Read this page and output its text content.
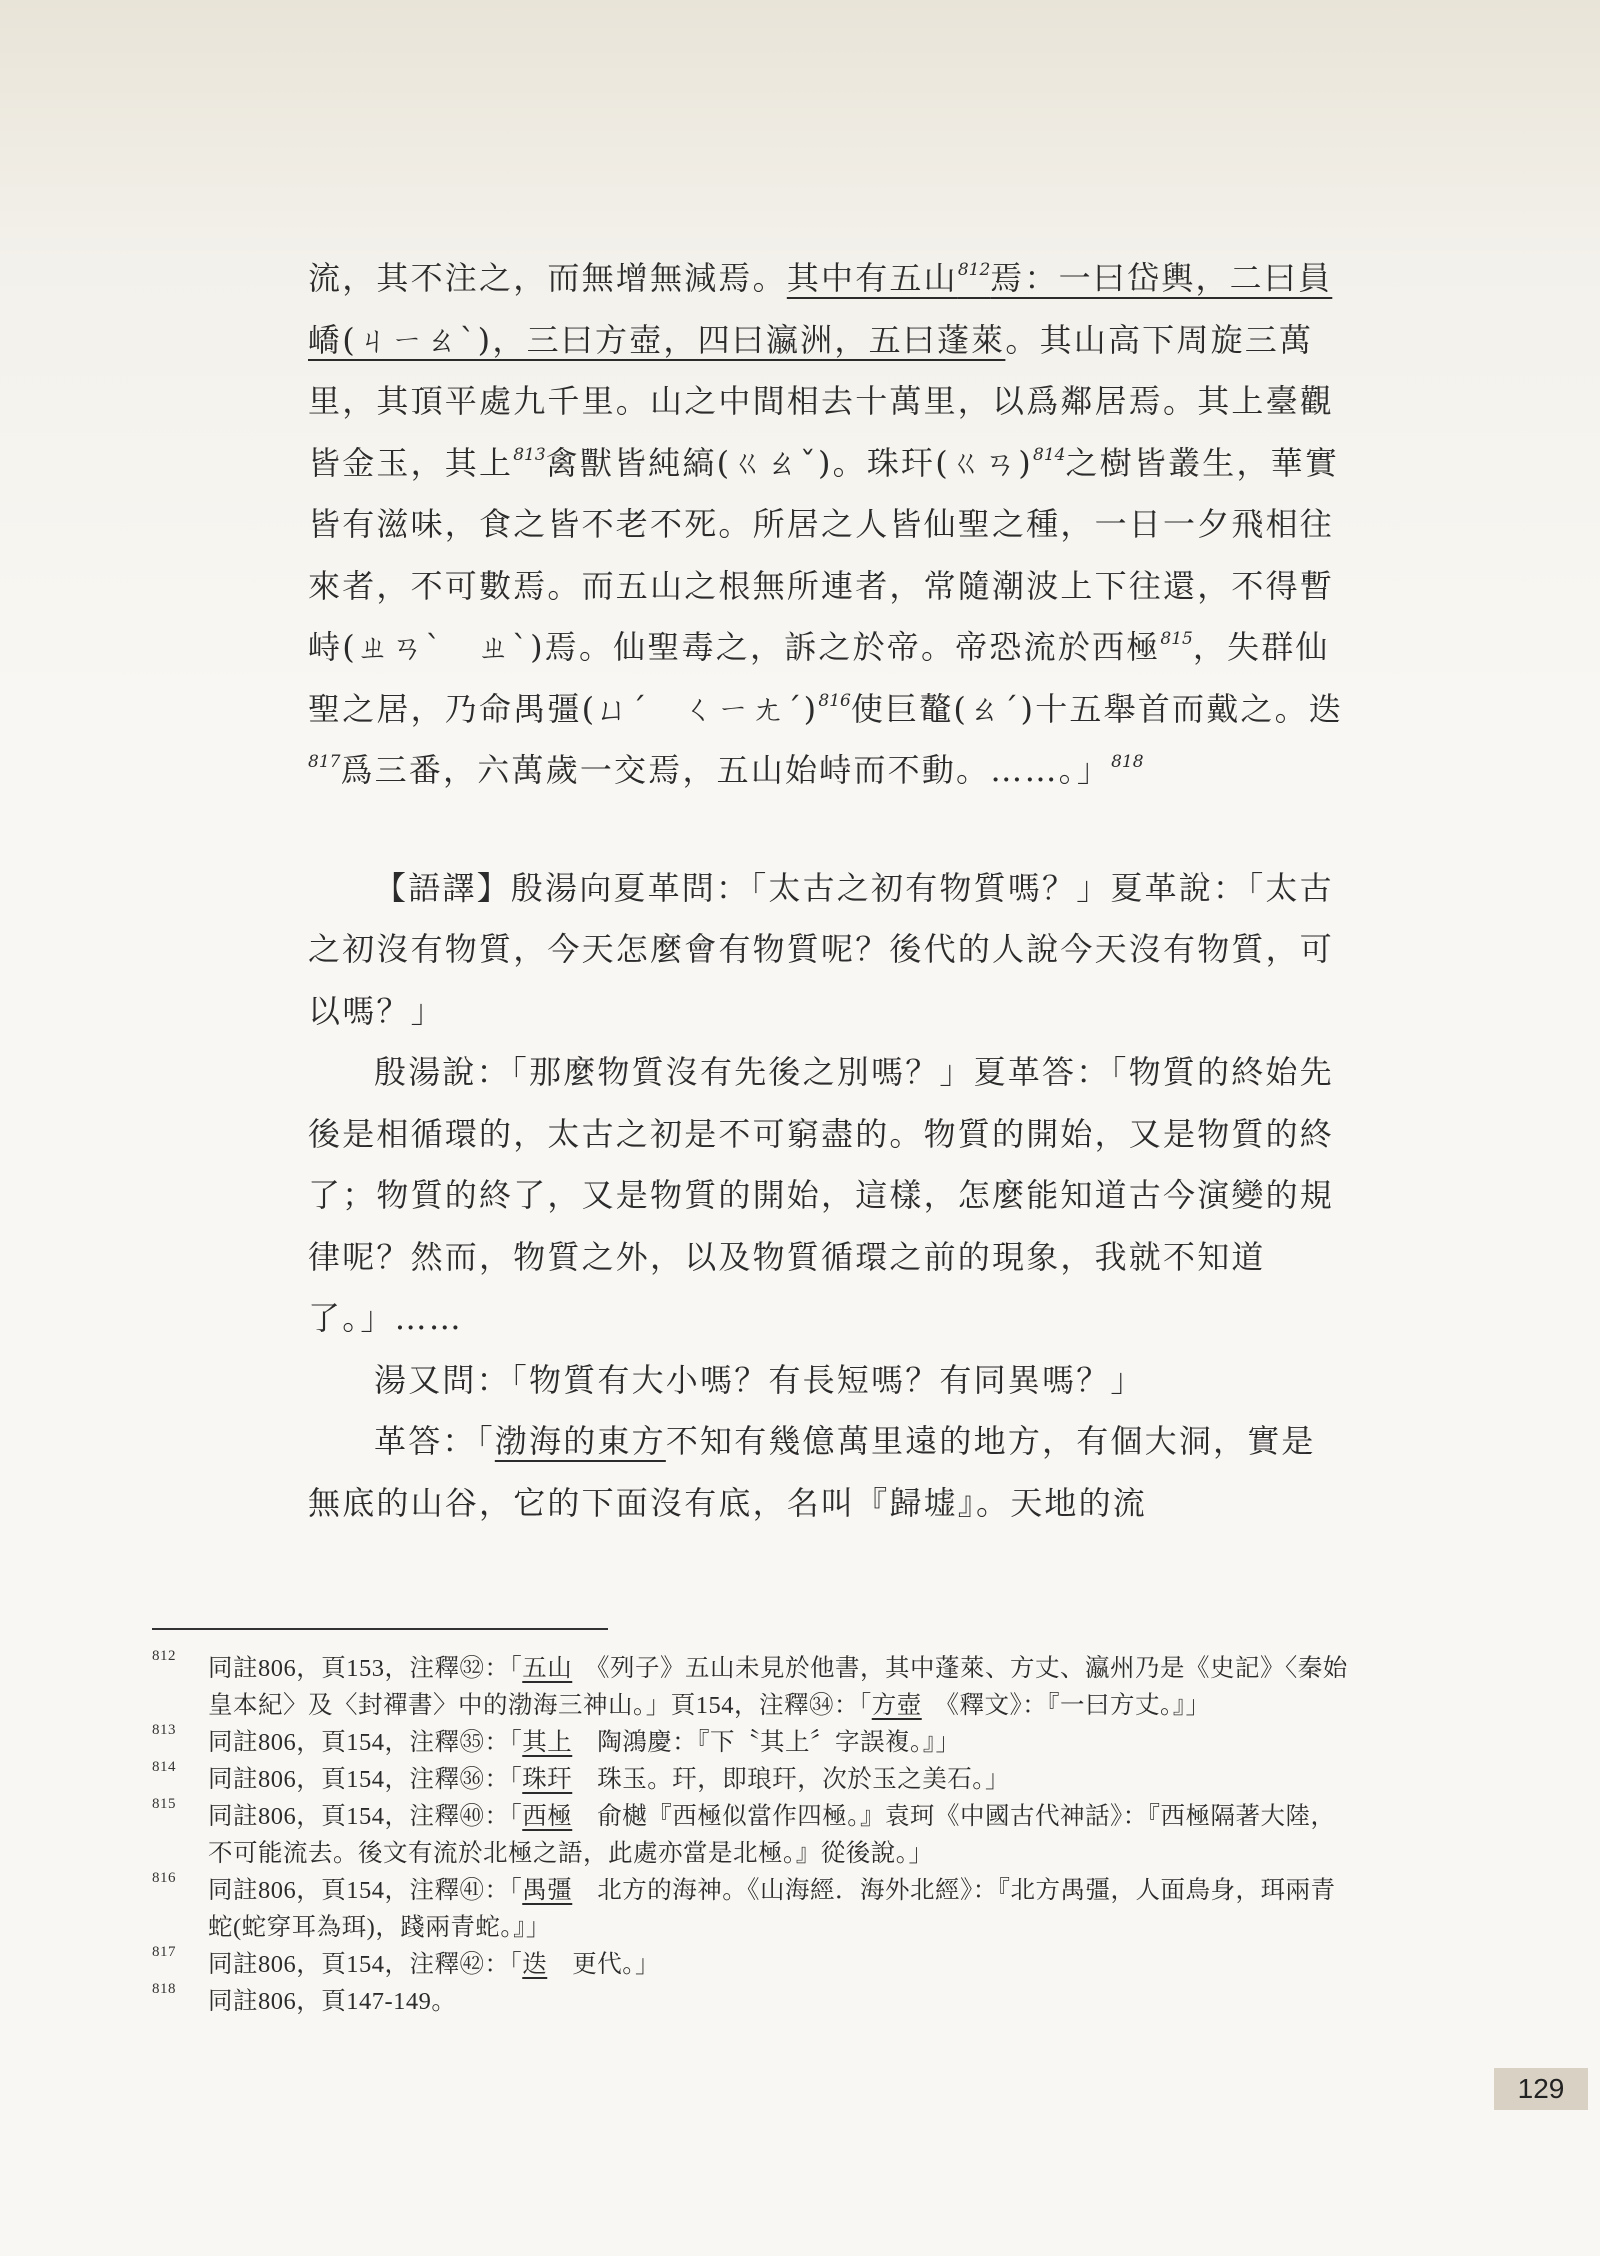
流，其不注之，而無增無減焉。其中有五山$^{812}$焉：一曰岱輿，二曰員嶠(ㄐㄧㄠˋ)，三曰方壺，四曰瀛洲，五曰蓬萊。其山高下周旋三萬里，其頂平處九千里。山之中間相去十萬里，以爲鄰居焉。其上臺觀皆金玉，其上$^{813}$禽獸皆純縞(ㄍㄠˇ)。珠玕(ㄍㄢ)$^{814}$之樹皆叢生，華實皆有滋味，食之皆不老不死。所居之人皆仙聖之種，一日一夕飛相往來者，不可數焉。而五山之根無所連者，常隨潮波上下往還，不得暫峙(ㄓㄢˋ　ㄓˋ)焉。仙聖毒之，訴之於帝。帝恐流於西極$^{815}$，失群仙聖之居，乃命禺彊(ㄩˊ　ㄑㄧㄤˊ)$^{816}$使巨鼇(ㄠˊ)十五舉首而戴之。迭$^{817}$爲三番，六萬歲一交焉，五山始峙而不動。……。」$^{818}$

【語譯】殷湯向夏革問：「太古之初有物質嗎？」夏革說：「太古之初沒有物質，今天怎麼會有物質呢？後代的人說今天沒有物質，可以嗎？」

殷湯說：「那麼物質沒有先後之別嗎？」夏革答：「物質的終始先後是相循環的，太古之初是不可窮盡的。物質的開始，又是物質的終了；物質的終了，又是物質的開始，這樣，怎麼能知道古今演變的規律呢？然而，物質之外，以及物質循環之前的現象，我就不知道了。」……

湯又問：「物質有大小嗎？有長短嗎？有同異嗎？」

革答：「渤海的東方不知有幾億萬里遠的地方，有個大洞，實是無底的山谷，它的下面沒有底，名叫『歸墟』。天地的流

812 同註806，頁153，注釋㉜：「五山　《列子》五山未見於他書，其中蓬萊、方丈、瀛州乃是《史記》〈秦始皇本紀〉及〈封禪書〉中的渤海三神山。」頁154，注釋㉞：「方壺　《釋文》：『一曰方丈。』」
813 同註806，頁154，注釋㉟：「其上　陶鴻慶：『下〝其上〞字誤複。』」
814 同註806，頁154，注釋㊱：「珠玕　珠玉。玕，即琅玕，次於玉之美石。」
815 同註806，頁154，注釋㊵：「西極　俞樾『西極似當作四極。』袁珂《中國古代神話》：『西極隔著大陸，不可能流去。後文有流於北極之語，此處亦當是北極。』從後說。」
816 同註806，頁154，注釋㊶：「禺彊　北方的海神。《山海經．海外北經》：『北方禺彊，人面鳥身，珥兩青蛇(蛇穿耳為珥)，踐兩青蛇。』」
817 同註806，頁154，注釋㊷：「迭　更代。」
818 同註806，頁147-149。
129
